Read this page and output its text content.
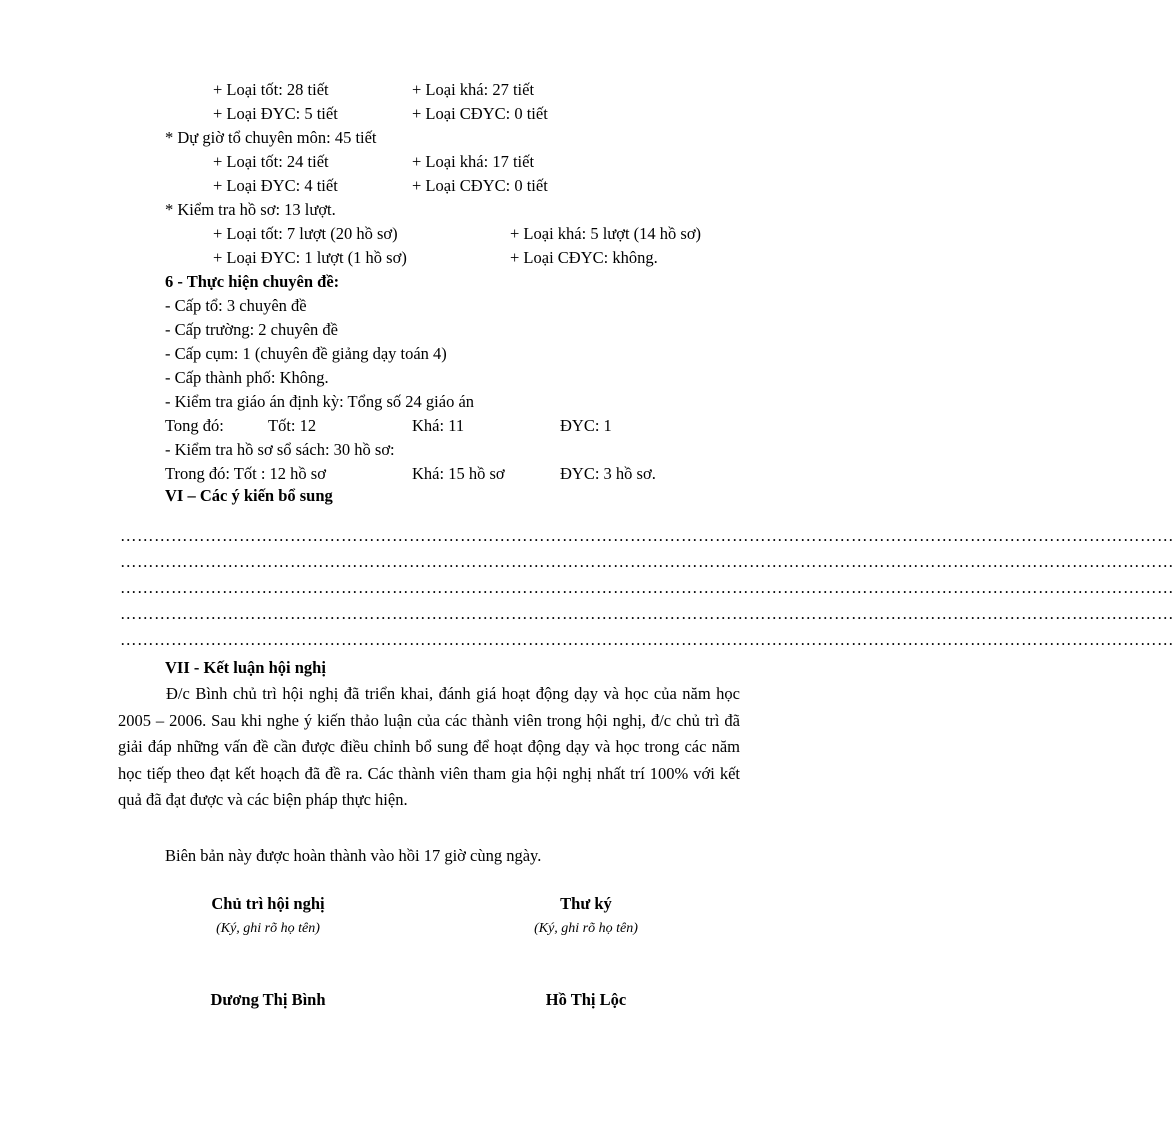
+ Loại tốt: 28 tiết	+ Loại khá: 27 tiết
+ Loại ĐYC: 5 tiết	+ Loại CĐYC: 0 tiết
* Dự giờ tổ chuyên môn: 45 tiết
+ Loại tốt: 24 tiết	+ Loại khá: 17 tiết
+ Loại ĐYC: 4 tiết	+ Loại CĐYC: 0 tiết
* Kiểm tra hồ sơ: 13 lượt.
+ Loại tốt: 7 lượt (20 hồ sơ)	+ Loại khá: 5 lượt (14 hồ sơ)
+ Loại ĐYC: 1 lượt (1 hồ sơ)	+ Loại CĐYC: không.
6 - Thực hiện chuyên đề:
- Cấp tổ: 3 chuyên đề
- Cấp trường: 2 chuyên đề
- Cấp cụm: 1 (chuyên đề giảng dạy toán 4)
- Cấp thành phố: Không.
- Kiểm tra giáo án định kỳ: Tổng số 24 giáo án
Tong đó:	Tốt: 12	Khá: 11	ĐYC: 1
- Kiểm tra hồ sơ sổ sách: 30 hồ sơ:
Trong đó: Tốt : 12 hồ sơ	Khá: 15 hồ sơ	ĐYC: 3 hồ sơ.
VI – Các ý kiến bổ sung
……………………………………………………………………………………………………………………………………………………………………
……………………………………………………………………………………………………………………………………………………………………
……………………………………………………………………………………………………………………………………………………………………
……………………………………………………………………………………………………………………………………………………………………
……………………………………………………………………………………………………………………………………………………………………
VII - Kết luận hội nghị
Đ/c Bình chủ trì hội nghị đã triển khai, đánh giá hoạt động dạy và học của năm học 2005 – 2006. Sau khi nghe ý kiến thảo luận của các thành viên trong hội nghị, đ/c chủ trì đã giải đáp những vấn đề cần được điều chỉnh bổ sung để hoạt động dạy và học trong các năm học tiếp theo đạt kết hoạch đã đề ra. Các thành viên tham gia hội nghị nhất trí 100% với kết quả đã đạt được và các biện pháp thực hiện.
Biên bản này được hoàn thành vào hồi 17 giờ cùng ngày.
Chủ trì hội nghị
(Ký, ghi rõ họ tên)
Dương Thị Bình
Thư ký
(Ký, ghi rõ họ tên)
Hồ Thị Lộc
